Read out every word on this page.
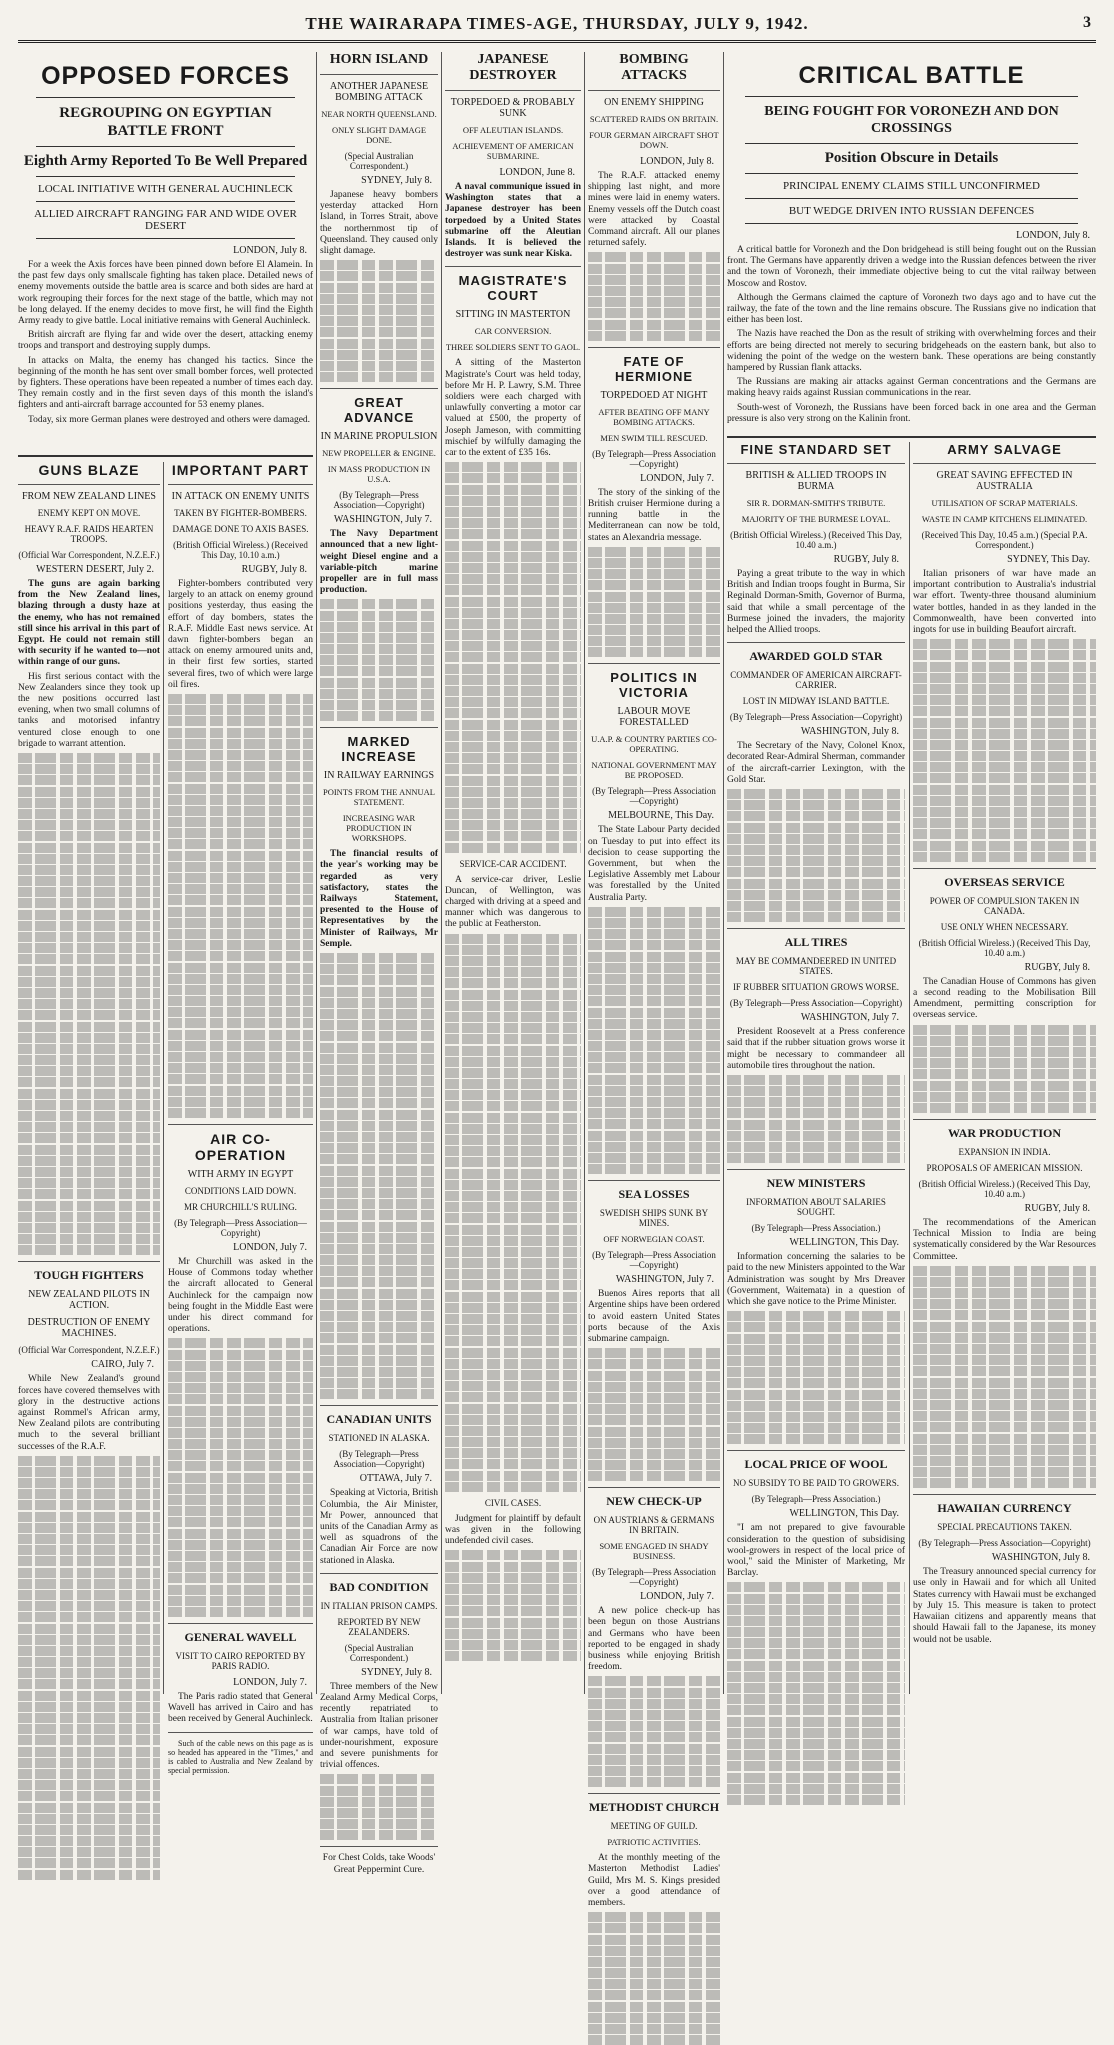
THE WAIRARAPA TIMES-AGE, THURSDAY, JULY 9, 1942.	3
OPPOSED FORCES
REGROUPING ON EGYPTIAN BATTLE FRONT
Eighth Army Reported To Be Well Prepared
LOCAL INITIATIVE WITH GENERAL AUCHINLECK
ALLIED AIRCRAFT RANGING FAR AND WIDE OVER DESERT
LONDON, July 8.

For a week the Axis forces have been pinned down before El Alamein. In the past few days only smallscale fighting has taken place. Detailed news of enemy movements outside the battle area is scarce and both sides are hard at work regrouping their forces for the next stage of the battle, which may not be long delayed. If the enemy decides to move first, he will find the Eighth Army ready to give battle. Local initiative remains with General Auchinleck.

British aircraft are flying far and wide over the desert, attacking enemy troops and transport and destroying supply dumps.

In attacks on Malta, the enemy has changed his tactics. Since the beginning of the month he has sent over small bomber forces, well protected by fighters. These operations have been repeated a number of times each day. They remain costly and in the first seven days of this month the island's fighters and anti-aircraft barrage accounted for 53 enemy planes.

Today, six more German planes were destroyed and others were damaged.

GUNS BLAZE
FROM NEW ZEALAND LINES
ENEMY KEPT ON MOVE.
HEAVY R.A.F. RAIDS HEARTEN TROOPS.
(Official War Correspondent, N.Z.E.F.)
WESTERN DESERT, July 2.

The guns are again barking from the New Zealand lines, blazing through a dusty haze at the enemy, who has not remained still since his arrival in this part of Egypt. He could not remain still with security if he wanted to—not within range of our guns.

His first serious contact with the New Zealanders since they took up the new positions occurred last evening, when two small columns of tanks and motorised infantry ventured close enough to one brigade to warrant attention.

TOUGH FIGHTERS
NEW ZEALAND PILOTS IN ACTION.
DESTRUCTION OF ENEMY MACHINES.
(Official War Correspondent, N.Z.E.F.)
CAIRO, July 7.

While New Zealand's ground forces have covered themselves with glory in the destructive actions against Rommel's African army, New Zealand pilots are contributing much to the several brilliant successes of the R.A.F.

IMPORTANT PART
IN ATTACK ON ENEMY UNITS
TAKEN BY FIGHTER-BOMBERS.
DAMAGE DONE TO AXIS BASES.
(British Official Wireless.) (Received This Day, 10.10 a.m.)
RUGBY, July 8.

Fighter-bombers contributed very largely to an attack on enemy ground positions yesterday, thus easing the effort of day bombers, states the R.A.F. Middle East news service. At dawn fighter-bombers began an attack on enemy armoured units and, in their first few sorties, started several fires, two of which were large oil fires.

AIR CO-OPERATION
WITH ARMY IN EGYPT
CONDITIONS LAID DOWN.
MR CHURCHILL'S RULING.
(By Telegraph—Press Association—Copyright)
LONDON, July 7.

Mr Churchill was asked in the House of Commons today whether the aircraft allocated to General Auchinleck for the campaign now being fought in the Middle East were under his direct command for operations.

GENERAL WAVELL
VISIT TO CAIRO REPORTED BY PARIS RADIO.
LONDON, July 7.

The Paris radio stated that General Wavell has arrived in Cairo and has been received by General Auchinleck.

Such of the cable news on this page as is so headed has appeared in the "Times," and is cabled to Australia and New Zealand by special permission.

HORN ISLAND
ANOTHER JAPANESE BOMBING ATTACK
NEAR NORTH QUEENSLAND.
ONLY SLIGHT DAMAGE DONE.
(Special Australian Correspondent.)
SYDNEY, July 8.

Japanese heavy bombers yesterday attacked Horn Island, in Torres Strait, above the northernmost tip of Queensland. They caused only slight damage.

GREAT ADVANCE
IN MARINE PROPULSION
NEW PROPELLER & ENGINE.
IN MASS PRODUCTION IN U.S.A.
(By Telegraph—Press Association—Copyright)
WASHINGTON, July 7.

The Navy Department announced that a new light-weight Diesel engine and a variable-pitch marine propeller are in full mass production.

MARKED INCREASE
IN RAILWAY EARNINGS
POINTS FROM THE ANNUAL STATEMENT.
INCREASING WAR PRODUCTION IN WORKSHOPS.

The financial results of the year's working may be regarded as very satisfactory, states the Railways Statement, presented to the House of Representatives by the Minister of Railways, Mr Semple.

CANADIAN UNITS
STATIONED IN ALASKA.
(By Telegraph—Press Association—Copyright)
OTTAWA, July 7.

Speaking at Victoria, British Columbia, the Air Minister, Mr Power, announced that units of the Canadian Army as well as squadrons of the Canadian Air Force are now stationed in Alaska.

BAD CONDITION
IN ITALIAN PRISON CAMPS.
REPORTED BY NEW ZEALANDERS.
(Special Australian Correspondent.)
SYDNEY, July 8.

Three members of the New Zealand Army Medical Corps, recently repatriated to Australia from Italian prisoner of war camps, have told of under-nourishment, exposure and severe punishments for trivial offences.

For Chest Colds, take Woods' Great Peppermint Cure.

JAPANESE DESTROYER
TORPEDOED & PROBABLY SUNK
OFF ALEUTIAN ISLANDS.
ACHIEVEMENT OF AMERICAN SUBMARINE.
LONDON, June 8.

A naval communique issued in Washington states that a Japanese destroyer has been torpedoed by a United States submarine off the Aleutian Islands. It is believed the destroyer was sunk near Kiska.

MAGISTRATE'S COURT
SITTING IN MASTERTON
CAR CONVERSION.
THREE SOLDIERS SENT TO GAOL.

A sitting of the Masterton Magistrate's Court was held today, before Mr H. P. Lawry, S.M. Three soldiers were each charged with unlawfully converting a motor car valued at £500, the property of Joseph Jameson, with committing mischief by wilfully damaging the car to the extent of £35 16s.

SERVICE-CAR ACCIDENT.

A service-car driver, Leslie Duncan, of Wellington, was charged with driving at a speed and manner which was dangerous to the public at Featherston.

CIVIL CASES.

Judgment for plaintiff by default was given in the following undefended civil cases.

BOMBING ATTACKS
ON ENEMY SHIPPING
SCATTERED RAIDS ON BRITAIN.
FOUR GERMAN AIRCRAFT SHOT DOWN.
LONDON, July 8.

The R.A.F. attacked enemy shipping last night, and more mines were laid in enemy waters. Enemy vessels off the Dutch coast were attacked by Coastal Command aircraft. All our planes returned safely.

FATE OF HERMIONE
TORPEDOED AT NIGHT
AFTER BEATING OFF MANY BOMBING ATTACKS.
MEN SWIM TILL RESCUED.
(By Telegraph—Press Association—Copyright)
LONDON, July 7.

The story of the sinking of the British cruiser Hermione during a running battle in the Mediterranean can now be told, states an Alexandria message.

POLITICS IN VICTORIA
LABOUR MOVE FORESTALLED
U.A.P. & COUNTRY PARTIES CO-OPERATING.
NATIONAL GOVERNMENT MAY BE PROPOSED.
(By Telegraph—Press Association—Copyright)
MELBOURNE, This Day.

The State Labour Party decided on Tuesday to put into effect its decision to cease supporting the Government, but when the Legislative Assembly met Labour was forestalled by the United Australia Party.

SEA LOSSES
SWEDISH SHIPS SUNK BY MINES.
OFF NORWEGIAN COAST.
(By Telegraph—Press Association—Copyright)
WASHINGTON, July 7.

Buenos Aires reports that all Argentine ships have been ordered to avoid eastern United States ports because of the Axis submarine campaign.

NEW CHECK-UP
ON AUSTRIANS & GERMANS IN BRITAIN.
SOME ENGAGED IN SHADY BUSINESS.
(By Telegraph—Press Association—Copyright)
LONDON, July 7.

A new police check-up has been begun on those Austrians and Germans who have been reported to be engaged in shady business while enjoying British freedom.

METHODIST CHURCH
MEETING OF GUILD.
PATRIOTIC ACTIVITIES.

At the monthly meeting of the Masterton Methodist Ladies' Guild, Mrs M. S. Kings presided over a good attendance of members.

CRITICAL BATTLE
BEING FOUGHT FOR VORONEZH AND DON CROSSINGS
Position Obscure in Details
PRINCIPAL ENEMY CLAIMS STILL UNCONFIRMED
BUT WEDGE DRIVEN INTO RUSSIAN DEFENCES
LONDON, July 8.

A critical battle for Voronezh and the Don bridgehead is still being fought out on the Russian front. The Germans have apparently driven a wedge into the Russian defences between the river and the town of Voronezh, their immediate objective being to cut the vital railway between Moscow and Rostov.

Although the Germans claimed the capture of Voronezh two days ago and to have cut the railway, the fate of the town and the line remains obscure. The Russians give no indication that either has been lost.

The Nazis have reached the Don as the result of striking with overwhelming forces and their efforts are being directed not merely to securing bridgeheads on the eastern bank, but also to widening the point of the wedge on the western bank. These operations are being constantly hampered by Russian flank attacks.

The Russians are making air attacks against German concentrations and the Germans are making heavy raids against Russian communications in the rear.

South-west of Voronezh, the Russians have been forced back in one area and the German pressure is also very strong on the Kalinin front.

FINE STANDARD SET
BRITISH & ALLIED TROOPS IN BURMA
SIR R. DORMAN-SMITH'S TRIBUTE.
MAJORITY OF THE BURMESE LOYAL.
(British Official Wireless.) (Received This Day, 10.40 a.m.)
RUGBY, July 8.

Paying a great tribute to the way in which British and Indian troops fought in Burma, Sir Reginald Dorman-Smith, Governor of Burma, said that while a small percentage of the Burmese joined the invaders, the majority helped the Allied troops.

AWARDED GOLD STAR
COMMANDER OF AMERICAN AIRCRAFT-CARRIER.
LOST IN MIDWAY ISLAND BATTLE.
(By Telegraph—Press Association—Copyright)
WASHINGTON, July 8.

The Secretary of the Navy, Colonel Knox, decorated Rear-Admiral Sherman, commander of the aircraft-carrier Lexington, with the Gold Star.

ALL TIRES
MAY BE COMMANDEERED IN UNITED STATES.
IF RUBBER SITUATION GROWS WORSE.
(By Telegraph—Press Association—Copyright)
WASHINGTON, July 7.

President Roosevelt at a Press conference said that if the rubber situation grows worse it might be necessary to commandeer all automobile tires throughout the nation.

NEW MINISTERS
INFORMATION ABOUT SALARIES SOUGHT.
(By Telegraph—Press Association.)
WELLINGTON, This Day.

Information concerning the salaries to be paid to the new Ministers appointed to the War Administration was sought by Mrs Dreaver (Government, Waitemata) in a question of which she gave notice to the Prime Minister.

LOCAL PRICE OF WOOL
NO SUBSIDY TO BE PAID TO GROWERS.
(By Telegraph—Press Association.)
WELLINGTON, This Day.

"I am not prepared to give favourable consideration to the question of subsidising wool-growers in respect of the local price of wool," said the Minister of Marketing, Mr Barclay.

ARMY SALVAGE
GREAT SAVING EFFECTED IN AUSTRALIA
UTILISATION OF SCRAP MATERIALS.
WASTE IN CAMP KITCHENS ELIMINATED.
(Received This Day, 10.45 a.m.) (Special P.A. Correspondent.)
SYDNEY, This Day.

Italian prisoners of war have made an important contribution to Australia's industrial war effort. Twenty-three thousand aluminium water bottles, handed in as they landed in the Commonwealth, have been converted into ingots for use in building Beaufort aircraft.

OVERSEAS SERVICE
POWER OF COMPULSION TAKEN IN CANADA.
USE ONLY WHEN NECESSARY.
(British Official Wireless.) (Received This Day, 10.40 a.m.)
RUGBY, July 8.

The Canadian House of Commons has given a second reading to the Mobilisation Bill Amendment, permitting conscription for overseas service.

WAR PRODUCTION
EXPANSION IN INDIA.
PROPOSALS OF AMERICAN MISSION.
(British Official Wireless.) (Received This Day, 10.40 a.m.)
RUGBY, July 8.

The recommendations of the American Technical Mission to India are being systematically considered by the War Resources Committee.

HAWAIIAN CURRENCY
SPECIAL PRECAUTIONS TAKEN.
(By Telegraph—Press Association—Copyright)
WASHINGTON, July 8.

The Treasury announced special currency for use only in Hawaii and for which all United States currency with Hawaii must be exchanged by July 15. This measure is taken to protect Hawaiian citizens and apparently means that should Hawaii fall to the Japanese, its money would not be usable.
